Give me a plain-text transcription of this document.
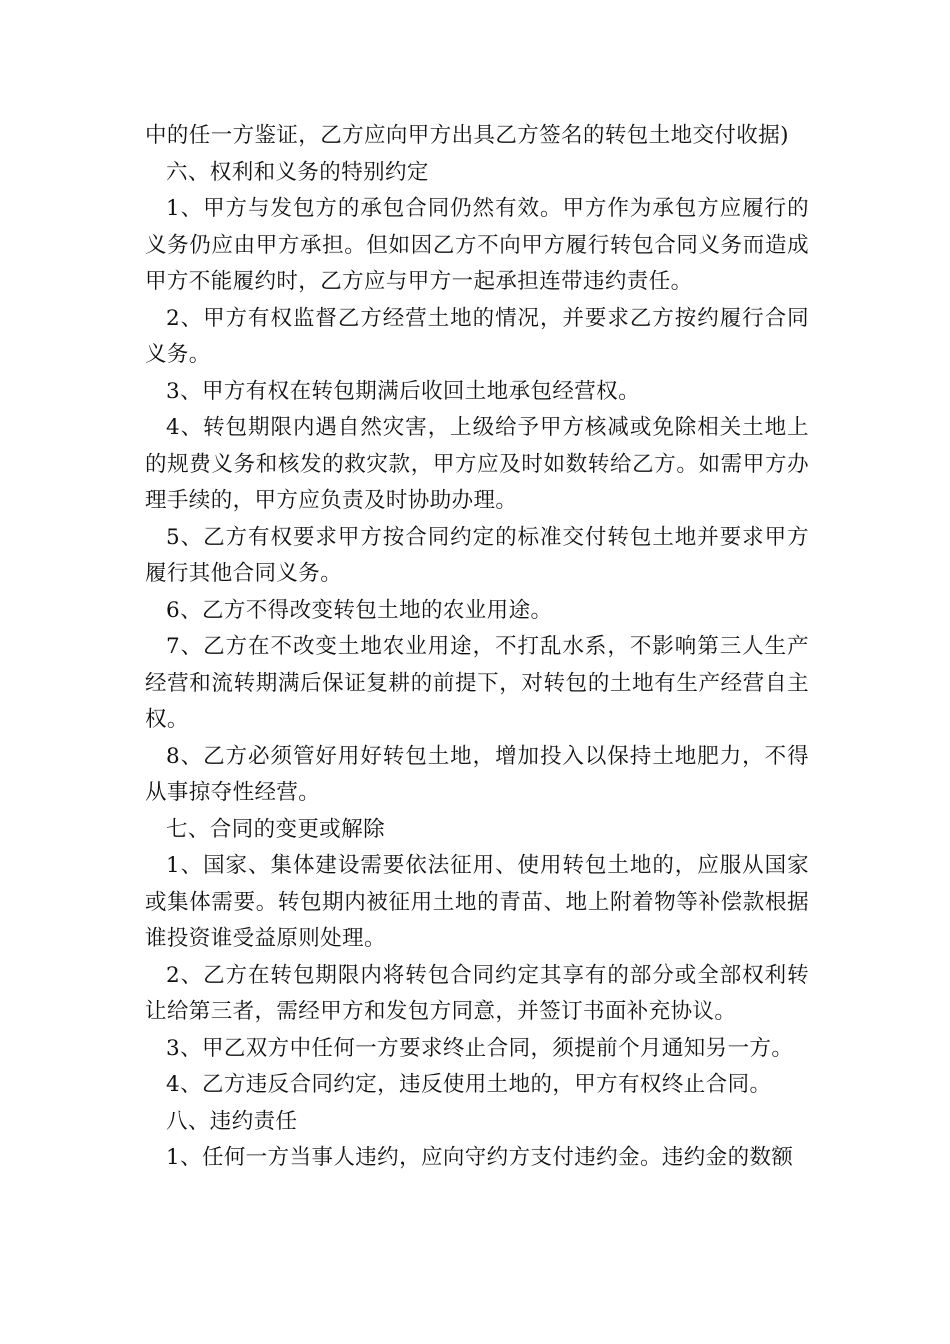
中的任一方鉴证，乙方应向甲方出具乙方签名的转包土地交付收据)

六、权利和义务的特别约定

1、甲方与发包方的承包合同仍然有效。甲方作为承包方应履行的义务仍应由甲方承担。但如因乙方不向甲方履行转包合同义务而造成甲方不能履约时，乙方应与甲方一起承担连带违约责任。

2、甲方有权监督乙方经营土地的情况，并要求乙方按约履行合同义务。

3、甲方有权在转包期满后收回土地承包经营权。

4、转包期限内遇自然灾害，上级给予甲方核减或免除相关土地上的规费义务和核发的救灾款，甲方应及时如数转给乙方。如需甲方办理手续的，甲方应负责及时协助办理。

5、乙方有权要求甲方按合同约定的标准交付转包土地并要求甲方履行其他合同义务。

6、乙方不得改变转包土地的农业用途。

7、乙方在不改变土地农业用途，不打乱水系，不影响第三人生产经营和流转期满后保证复耕的前提下，对转包的土地有生产经营自主权。

8、乙方必须管好用好转包土地，增加投入以保持土地肥力，不得从事掠夺性经营。

七、合同的变更或解除

1、国家、集体建设需要依法征用、使用转包土地的，应服从国家或集体需要。转包期内被征用土地的青苗、地上附着物等补偿款根据谁投资谁受益原则处理。

2、乙方在转包期限内将转包合同约定其享有的部分或全部权利转让给第三者，需经甲方和发包方同意，并签订书面补充协议。

3、甲乙双方中任何一方要求终止合同，须提前个月通知另一方。

4、乙方违反合同约定，违反使用土地的，甲方有权终止合同。

八、违约责任

1、任何一方当事人违约，应向守约方支付违约金。违约金的数额
